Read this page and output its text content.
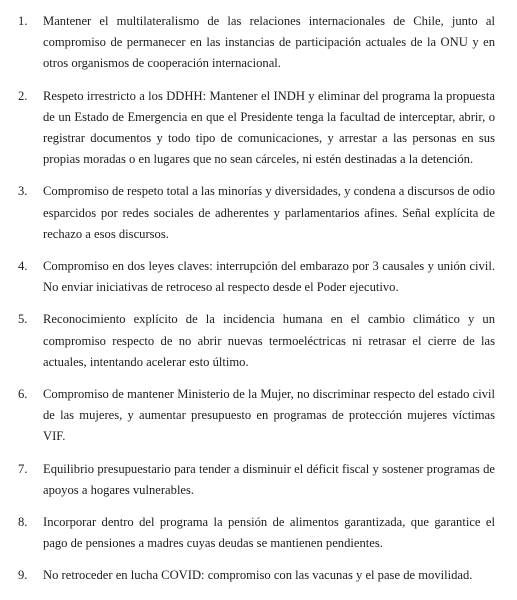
1.	Mantener el multilateralismo de las relaciones internacionales de Chile, junto al compromiso de permanecer en las instancias de participación actuales de la ONU y en otros organismos de cooperación internacional.
2.	Respeto irrestricto a los DDHH: Mantener el INDH y eliminar del programa la propuesta de un Estado de Emergencia en que el Presidente tenga la facultad de interceptar, abrir, o registrar documentos y todo tipo de comunicaciones, y arrestar a las personas en sus propias moradas o en lugares que no sean cárceles, ni estén destinadas a la detención.
3.	Compromiso de respeto total a las minorías y diversidades, y condena a discursos de odio esparcidos por redes sociales de adherentes y parlamentarios afines. Señal explícita de rechazo a esos discursos.
4.	Compromiso en dos leyes claves: interrupción del embarazo por 3 causales y unión civil. No enviar iniciativas de retroceso al respecto desde el Poder ejecutivo.
5.	Reconocimiento explícito de la incidencia humana en el cambio climático y un compromiso respecto de no abrir nuevas termoeléctricas ni retrasar el cierre de las actuales, intentando acelerar esto último.
6.	Compromiso de mantener Ministerio de la Mujer, no discriminar respecto del estado civil de las mujeres, y aumentar presupuesto en programas de protección mujeres víctimas VIF.
7.	Equilibrio presupuestario para tender a disminuir el déficit fiscal y sostener programas de apoyos a hogares vulnerables.
8.	Incorporar dentro del programa la pensión de alimentos garantizada, que garantice el pago de pensiones a madres cuyas deudas se mantienen pendientes.
9.	No retroceder en lucha COVID: compromiso con las vacunas y el pase de movilidad.
